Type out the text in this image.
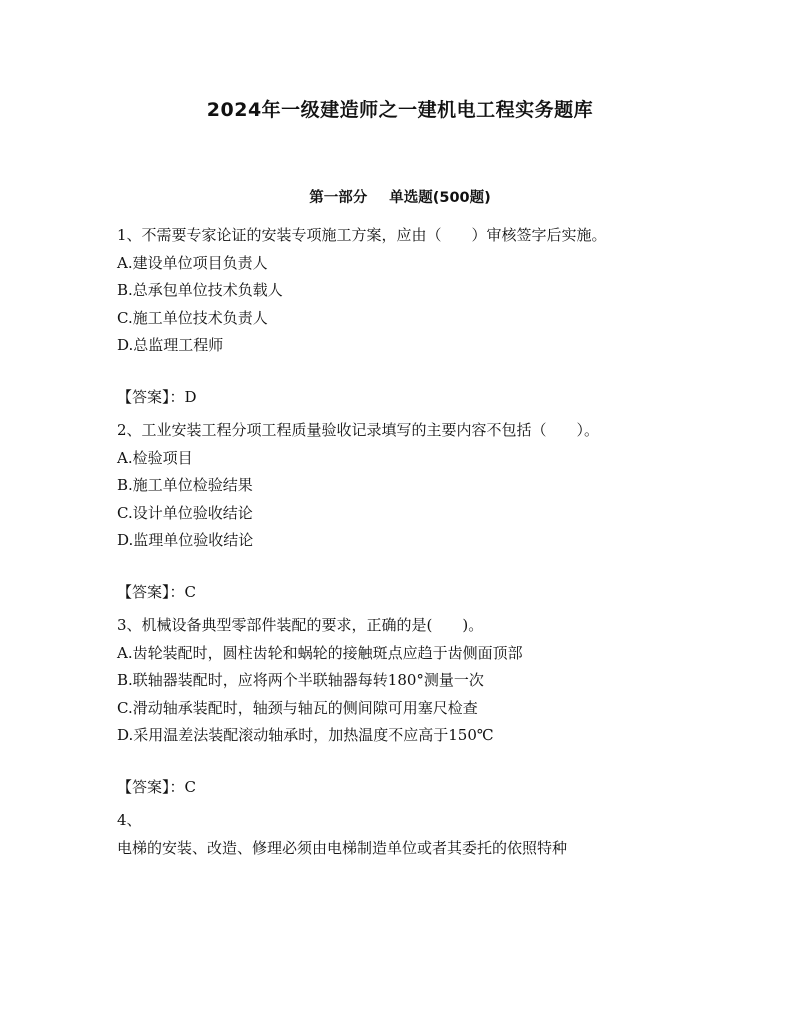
2024年一级建造师之一建机电工程实务题库
第一部分 单选题(500题)

1、不需要专家论证的安装专项施工方案，应由（　　）审核签字后实施。

A.建设单位项目负责人

B.总承包单位技术负载人

C.施工单位技术负责人

D.总监理工程师

【答案】：D

2、工业安装工程分项工程质量验收记录填写的主要内容不包括（　　）。

A.检验项目

B.施工单位检验结果

C.设计单位验收结论

D.监理单位验收结论

【答案】：C

3、机械设备典型零部件装配的要求，正确的是(　　)。

A.齿轮装配时，圆柱齿轮和蜗轮的接触斑点应趋于齿侧面顶部

B.联轴器装配时，应将两个半联轴器每转180°测量一次

C.滑动轴承装配时，轴颈与轴瓦的侧间隙可用塞尺检查

D.采用温差法装配滚动轴承时，加热温度不应高于150℃

【答案】：C

4、

电梯的安装、改造、修理必须由电梯制造单位或者其委托的依照特种
